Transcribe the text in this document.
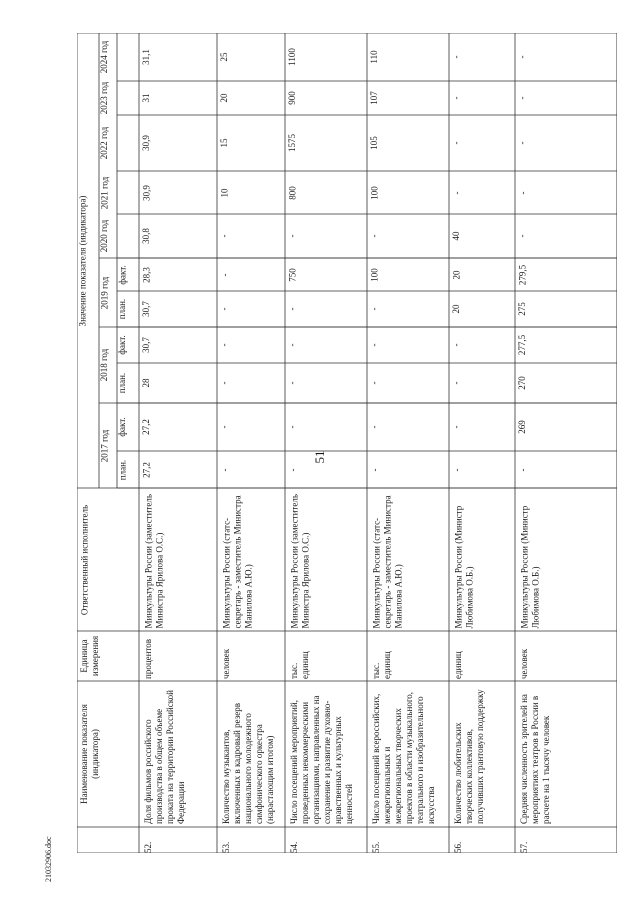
51
21032906.doc
Наименование показателя (индикатора)
Единица измерения
Ответственный исполнитель
Значение показателя (индикатора)
2017 год
2018 год
2019 год
план.
факт.
план.
факт.
план.
факт.
2020 год
2021 год
2022 год
2023 год
2024 год
52.
Доля фильмов российского производства в общем объеме проката на территории Российской Федерации
процентов
Минкультуры России (заместитель Министра Ярилова О.С.)
27,2
27,2
28
30,7
30,7
28,3
30,8
30,9
30,9
31
31,1
53.
Количество музыкантов, включенных в кадровый резерв национального молодежного симфонического оркестра (нарастающим итогом)
человек
Минкультуры России (статс-секретарь - заместитель Министра Манилова А.Ю.)
-
-
-
-
-
-
-
10
15
20
25
54.
Число посещений мероприятий, проведенных некоммерческими организациями, направленных на сохранение и развитие духовно-нравственных и культурных ценностей
тыс. единиц
Минкультуры России (заместитель Министра Ярилова О.С.)
-
-
-
-
-
750
-
800
1575
900
1100
55.
Число посещений всероссийских, межрегиональных и межрегиональных творческих проектов в области музыкального, театрального и изобразительного искусства
тыс. единиц
Минкультуры России (статс-секретарь - заместитель Министра Манилова А.Ю.)
-
-
-
-
-
100
-
100
105
107
110
56.
Количество любительских творческих коллективов, получивших грантовую поддержку
единиц
Минкультуры России (Министр Любимова О.Б.)
-
-
-
-
20
20
40
-
-
-
-
57.
Средняя численность зрителей на мероприятиях театров в России в расчете на 1 тысячу человек
человек
Минкультуры России (Министр Любимова О.Б.)
-
269
270
277,5
275
279,5
-
-
-
-
-
